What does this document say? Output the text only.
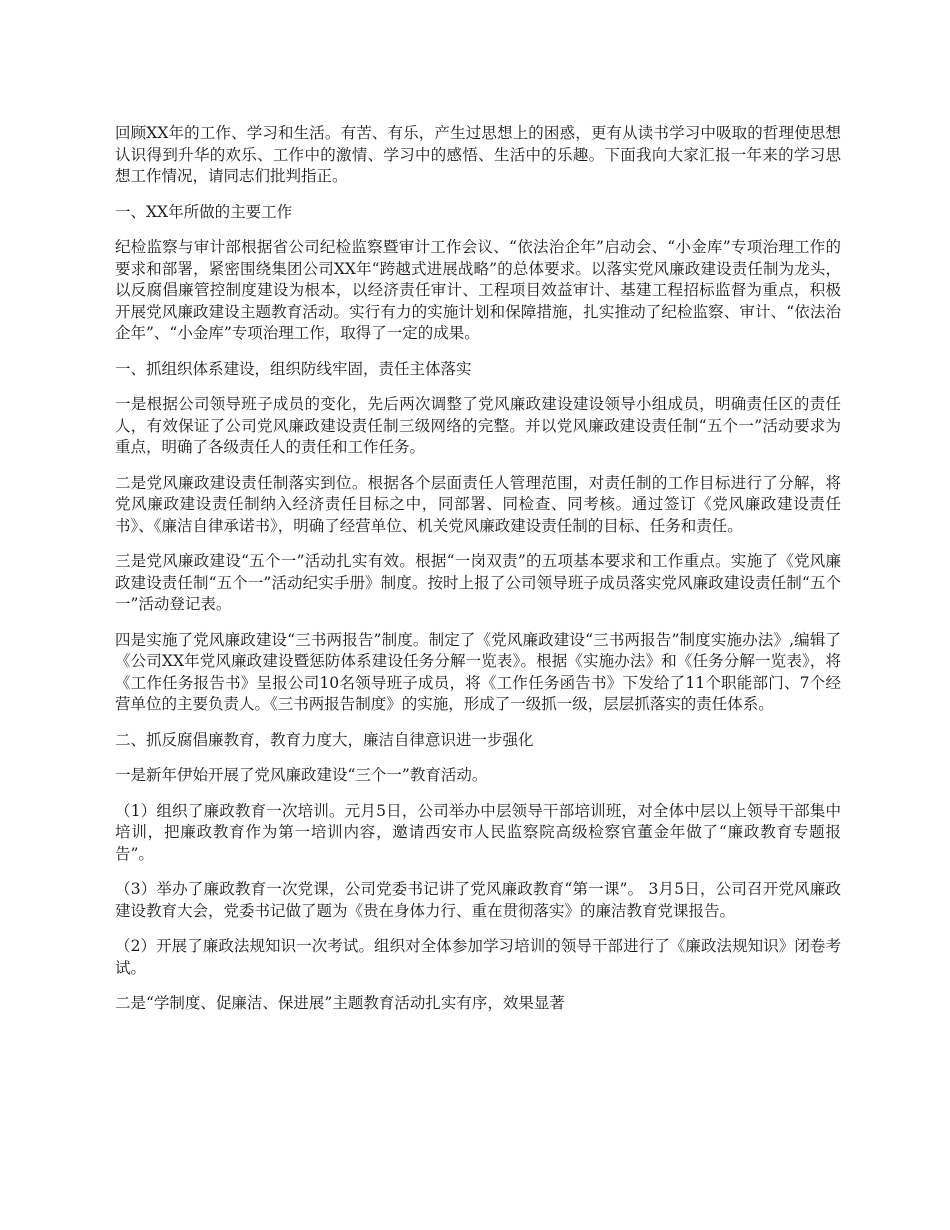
回顾XX年的工作、学习和生活。有苦、有乐，产生过思想上的困惑，更有从读书学习中吸取的哲理使思想认识得到升华的欢乐、工作中的激情、学习中的感悟、生活中的乐趣。下面我向大家汇报一年来的学习思想工作情况，请同志们批判指正。

一、XX年所做的主要工作

纪检监察与审计部根据省公司纪检监察暨审计工作会议、“依法治企年”启动会、“小金库”专项治理工作的要求和部署，紧密围绕集团公司XX年“跨越式进展战略”的总体要求。以落实党风廉政建设责任制为龙头，以反腐倡廉管控制度建设为根本，以经济责任审计、工程项目效益审计、基建工程招标监督为重点，积极开展党风廉政建设主题教育活动。实行有力的实施计划和保障措施，扎实推动了纪检监察、审计、“依法治企年”、“小金库”专项治理工作，取得了一定的成果。

一、抓组织体系建设，组织防线牢固，责任主体落实

一是根据公司领导班子成员的变化，先后两次调整了党风廉政建设建设领导小组成员，明确责任区的责任人，有效保证了公司党风廉政建设责任制三级网络的完整。并以党风廉政建设责任制“五个一”活动要求为重点，明确了各级责任人的责任和工作任务。

二是党风廉政建设责任制落实到位。根据各个层面责任人管理范围，对责任制的工作目标进行了分解，将党风廉政建设责任制纳入经济责任目标之中，同部署、同检查、同考核。通过签订《党风廉政建设责任书》、《廉洁自律承诺书》，明确了经营单位、机关党风廉政建设责任制的目标、任务和责任。

三是党风廉政建设“五个一”活动扎实有效。根据“一岗双责”的五项基本要求和工作重点。实施了《党风廉政建设责任制“五个一”活动纪实手册》制度。按时上报了公司领导班子成员落实党风廉政建设责任制“五个一”活动登记表。

四是实施了党风廉政建设“三书两报告”制度。制定了《党风廉政建设“三书两报告”制度实施办法》,编辑了《公司XX年党风廉政建设暨惩防体系建设任务分解一览表》。根据《实施办法》和《任务分解一览表》，将《工作任务报告书》呈报公司10名领导班子成员，将《工作任务函告书》下发给了11个职能部门、7个经营单位的主要负责人。《三书两报告制度》的实施，形成了一级抓一级，层层抓落实的责任体系。

二、抓反腐倡廉教育，教育力度大，廉洁自律意识进一步强化

一是新年伊始开展了党风廉政建设“三个一”教育活动。

（1）组织了廉政教育一次培训。元月5日，公司举办中层领导干部培训班，对全体中层以上领导干部集中培训，把廉政教育作为第一培训内容，邀请西安市人民监察院高级检察官董金年做了“廉政教育专题报告”。

（3）举办了廉政教育一次党课，公司党委书记讲了党风廉政教育“第一课”。 3月5日，公司召开党风廉政建设教育大会，党委书记做了题为《贵在身体力行、重在贯彻落实》的廉洁教育党课报告。

（2）开展了廉政法规知识一次考试。组织对全体参加学习培训的领导干部进行了《廉政法规知识》闭卷考试。

二是“学制度、促廉洁、保进展”主题教育活动扎实有序，效果显著
